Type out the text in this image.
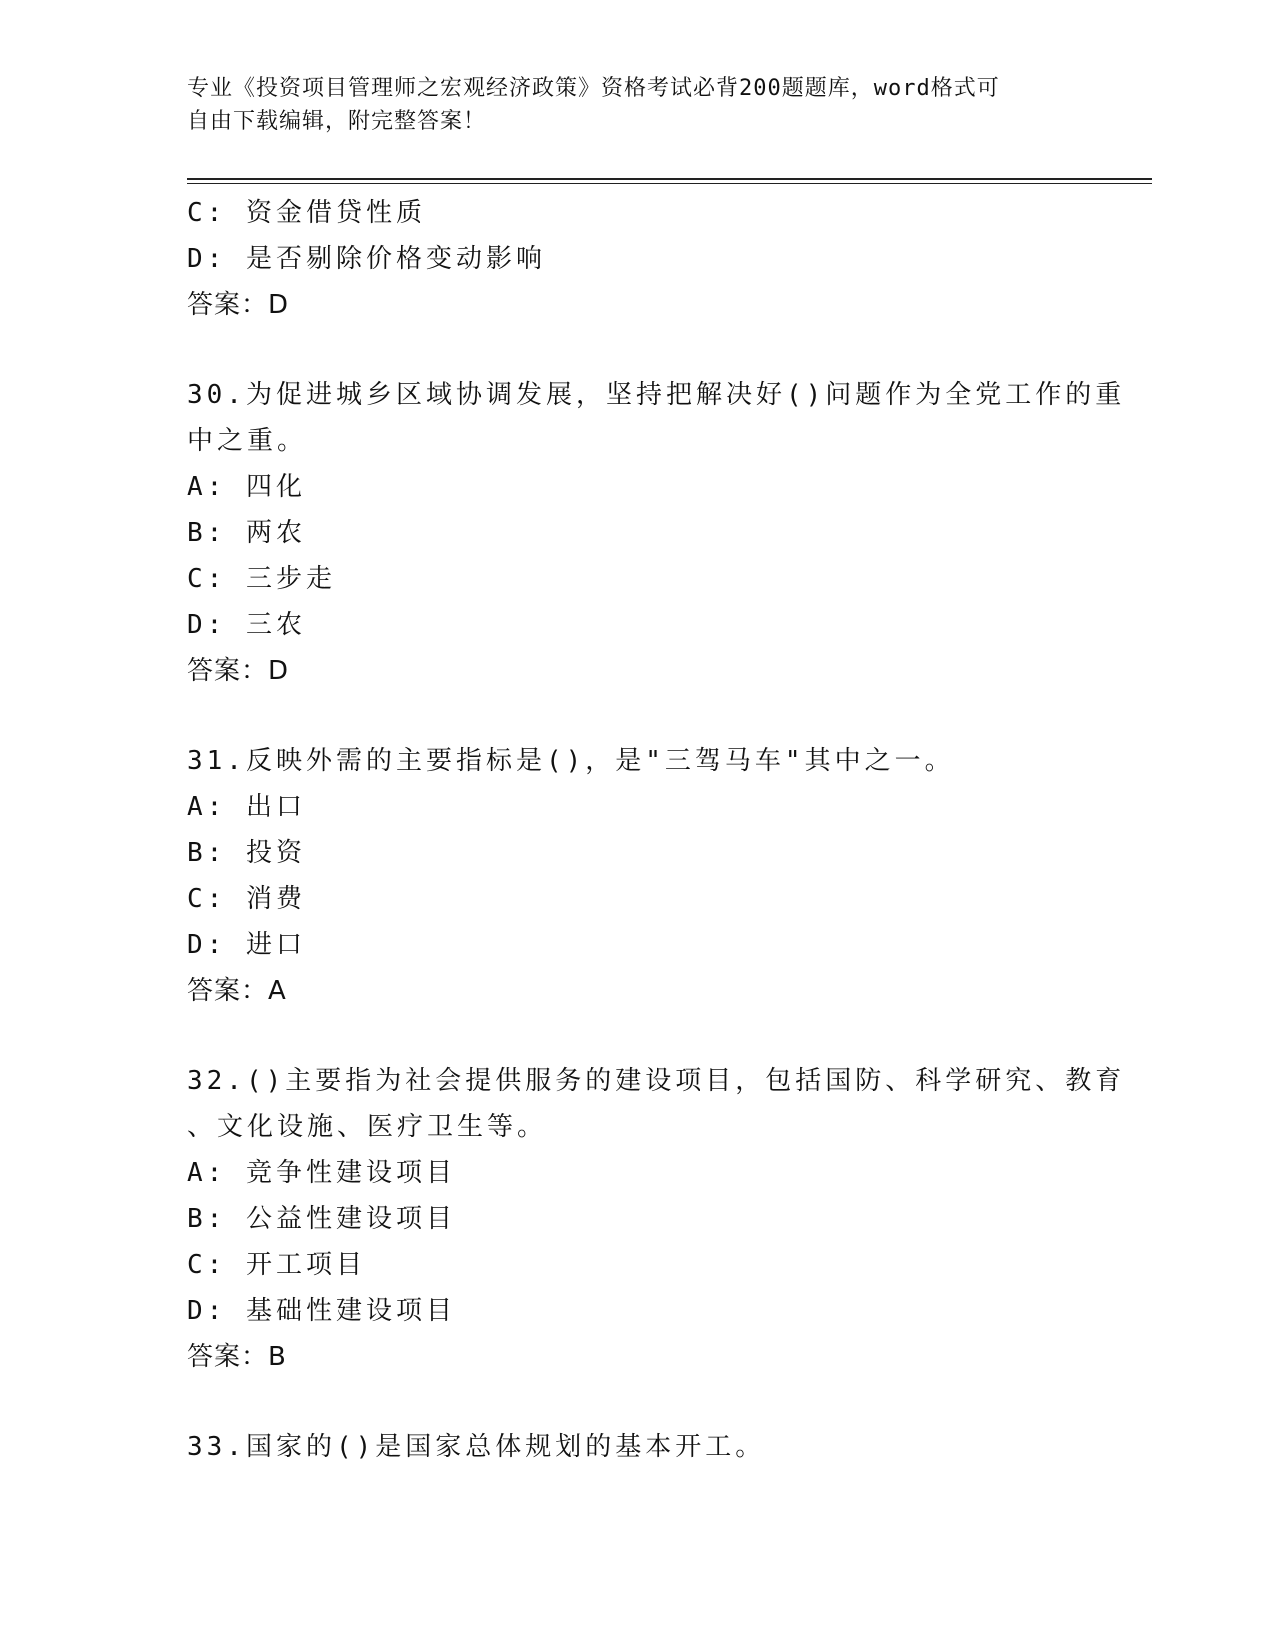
专业《投资项目管理师之宏观经济政策》资格考试必背200题题库，word格式可
自由下载编辑，附完整答案！
C: 资金借贷性质
D: 是否剔除价格变动影响
答案：D
30.为促进城乡区域协调发展，坚持把解决好()问题作为全党工作的重
中之重。
A: 四化
B: 两农
C: 三步走
D: 三农
答案：D
31.反映外需的主要指标是()，是"三驾马车"其中之一。
A: 出口
B: 投资
C: 消费
D: 进口
答案：A
32.()主要指为社会提供服务的建设项目，包括国防、科学研究、教育
、文化设施、医疗卫生等。
A: 竞争性建设项目
B: 公益性建设项目
C: 开工项目
D: 基础性建设项目
答案：B
33.国家的()是国家总体规划的基本开工。
